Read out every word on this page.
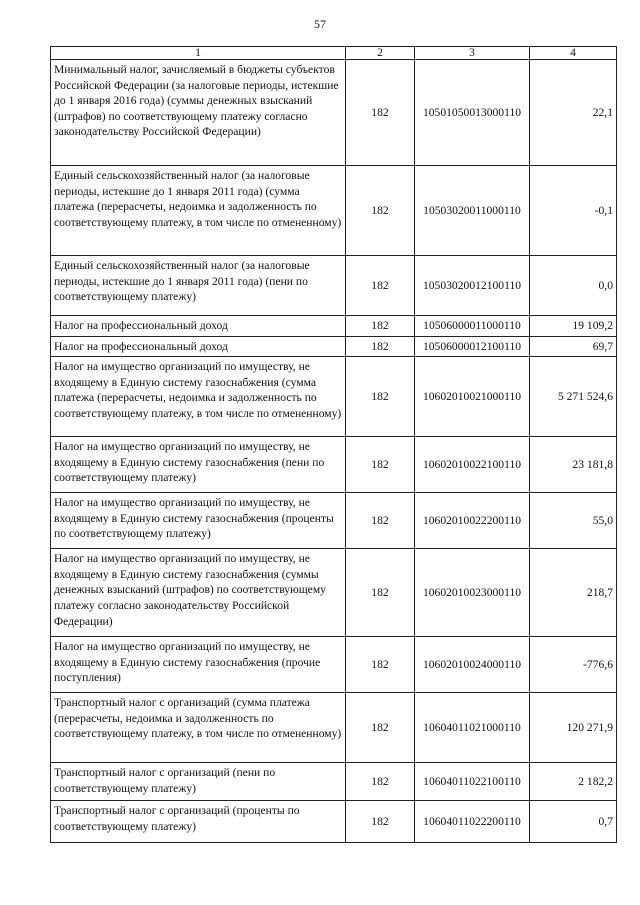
57
1	2	3	4
Минимальный налог, зачисляемый в бюджеты субъектов Российской Федерации (за налоговые периоды, истекшие до 1 января 2016 года) (суммы денежных взысканий (штрафов) по соответствующему платежу согласно законодательству Российской Федерации)	182	10501050013000110	22,1
Единый сельскохозяйственный налог (за налоговые периоды, истекшие до 1 января 2011 года) (сумма платежа (перерасчеты, недоимка и задолженность по соответствующему платежу, в том числе по отмененному)	182	10503020011000110	-0,1
Единый сельскохозяйственный налог (за налоговые периоды, истекшие до 1 января 2011 года) (пени по соответствующему платежу)	182	10503020012100110	0,0
Налог на профессиональный доход	182	10506000011000110	19 109,2
Налог на профессиональный доход	182	10506000012100110	69,7
Налог на имущество организаций по имуществу, не входящему в Единую систему газоснабжения (сумма платежа (перерасчеты, недоимка и задолженность по соответствующему платежу, в том числе по отмененному)	182	10602010021000110	5 271 524,6
Налог на имущество организаций по имуществу, не входящему в Единую систему газоснабжения (пени по соответствующему платежу)	182	10602010022100110	23 181,8
Налог на имущество организаций по имуществу, не входящему в Единую систему газоснабжения (проценты по соответствующему платежу)	182	10602010022200110	55,0
Налог на имущество организаций по имуществу, не входящему в Единую систему газоснабжения (суммы денежных взысканий (штрафов) по соответствующему платежу согласно законодательству Российской Федерации)	182	10602010023000110	218,7
Налог на имущество организаций по имуществу, не входящему в Единую систему газоснабжения (прочие поступления)	182	10602010024000110	-776,6
Транспортный налог с организаций (сумма платежа (перерасчеты, недоимка и задолженность по соответствующему платежу, в том числе по отмененному)	182	10604011021000110	120 271,9
Транспортный налог с организаций (пени по соответствующему платежу)	182	10604011022100110	2 182,2
Транспортный налог с организаций (проценты по соответствующему платежу)	182	10604011022200110	0,7
